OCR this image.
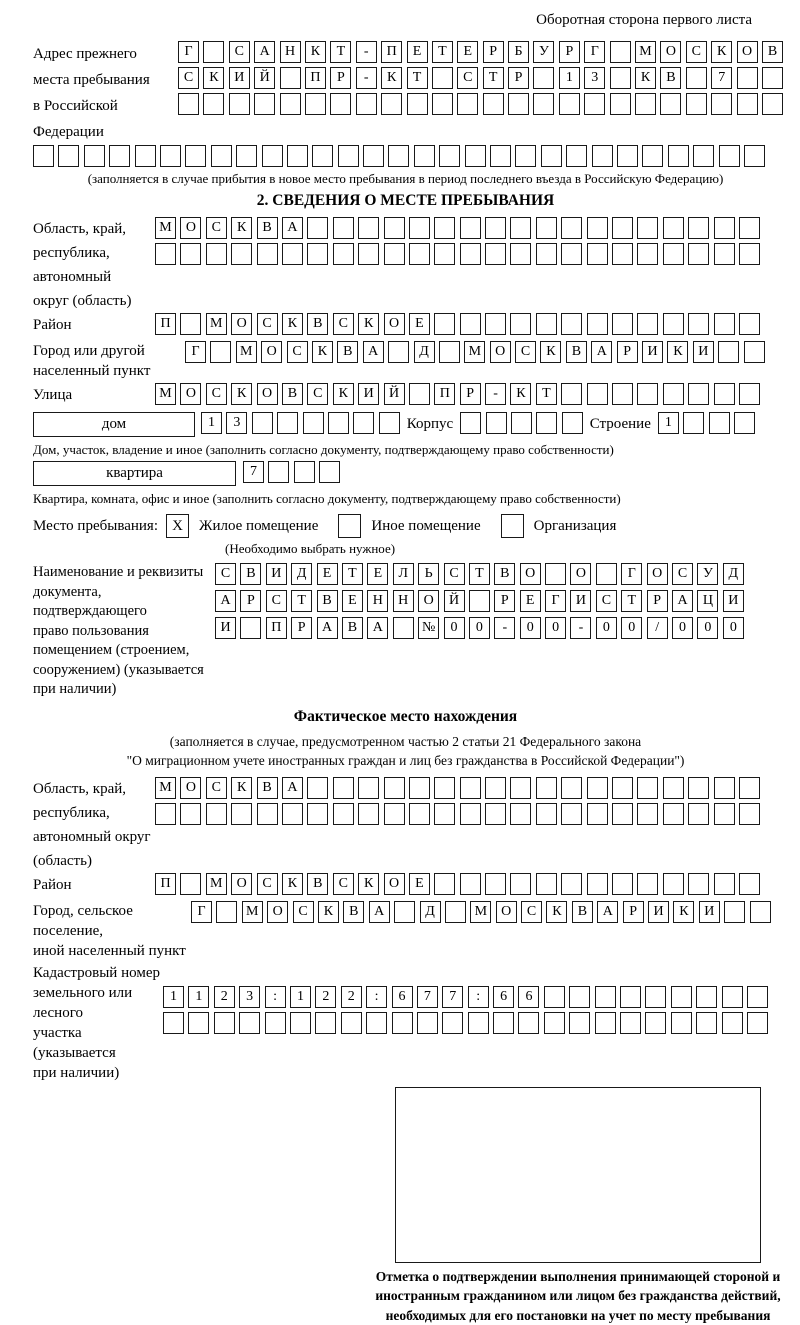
Оборотная сторона первого листа
Адрес прежнего
места пребывания
в Российской
Федерации
Г	С	А	Н	К	Т	-	П	Е	Т	Е	Р	Б	У	Р	Г	М	О	С	К	О	В
С	К	И	Й	П	Р	-	К	Т	С	Т	Р	1	3	К	В	7
(заполняется в случае прибытия в новое место пребывания в период последнего въезда в Российскую Федерацию)
2. СВЕДЕНИЯ О МЕСТЕ ПРЕБЫВАНИЯ
Область, край,
республика,
автономный
округ (область)
М	О	С	К	В	А
Район	П	М	О	С	К	В	С	К	О	Е
Город или другой
населенный пункт
Г	М	О	С	К	В	А	Д	М	О	С	К	В	А	Р	И	К	И
Улица	М	О	С	К	О	В	С	К	И	Й	П	Р	-	К	Т
дом	1	3	Корпус	Строение	1
Дом, участок, владение и иное (заполнить согласно документу, подтверждающему право собственности)
квартира	7
Квартира, комната, офис и иное (заполнить согласно документу, подтверждающему право собственности)
Место пребывания: X	Жилое помещение	Иное помещение	Организация
(Необходимо выбрать нужное)
Наименование и реквизиты
документа, подтверждающего
право пользования
помещением (строением,
сооружением) (указывается
при наличии)
С	В	И	Д	Е	Т	Е	Л	Ь	С	Т	В	О	О	Г	О	С	У	Д
А	Р	С	Т	В	Е	Н	Н	О	Й	Р	Е	Г	И	С	Т	Р	А	Ц	И
И	П	Р	А	В	А	№	0	0	-	0	0	-	0	0	/	0	0	0
Фактическое место нахождения
(заполняется в случае, предусмотренном частью 2 статьи 21 Федерального закона
"О миграционном учете иностранных граждан и лиц без гражданства в Российской Федерации")
Область, край,
республика,
автономный округ
(область)
М	О	С	К	В	А
Район	П	М	О	С	К	В	С	К	О	Е
Город, сельское поселение,
иной населенный пункт
Г	М	О	С	К	В	А	Д	М	О	С	К	В	А	Р	И	К	И
Кадастровый номер
земельного или лесного
участка (указывается
при наличии)
1	1	2	3	:	1	2	2	:	6	7	7	:	6	6
Отметка о подтверждении выполнения принимающей стороной и иностранным гражданином или лицом без гражданства действий, необходимых для его постановки на учет по месту пребывания
